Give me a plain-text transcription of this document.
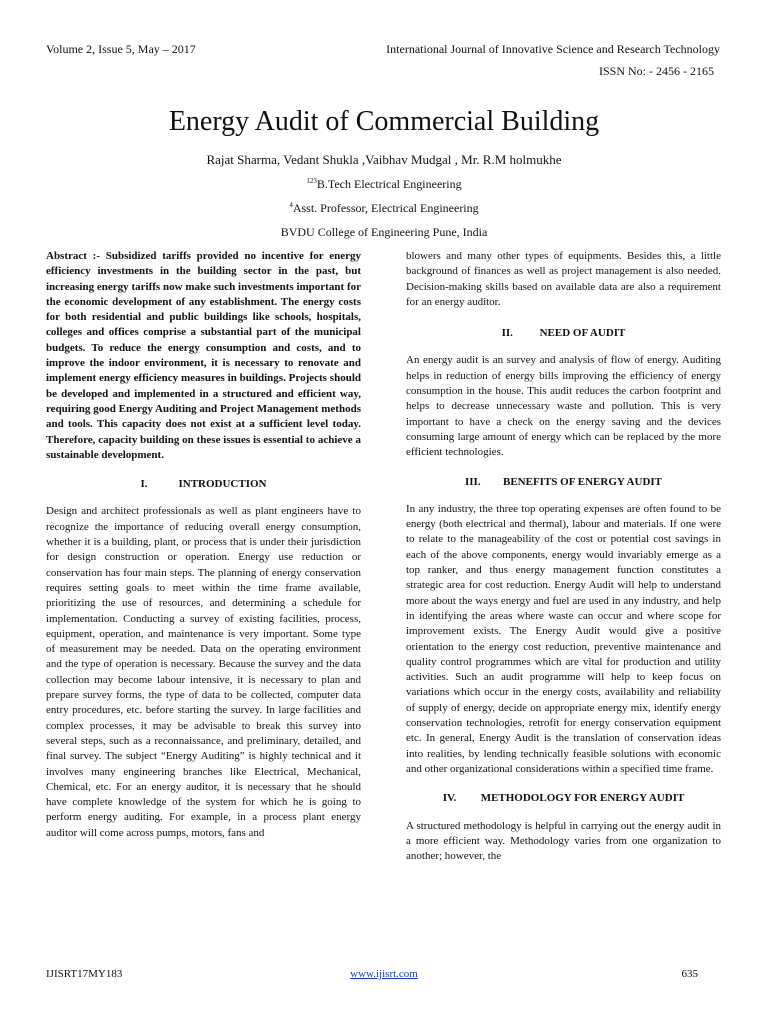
Volume 2, Issue 5, May – 2017	International Journal of Innovative Science and Research Technology
ISSN No: - 2456 - 2165
Energy Audit of Commercial Building
Rajat Sharma, Vedant Shukla ,Vaibhav Mudgal , Mr. R.M holmukhe
$^{123}$B.Tech Electrical Engineering
$^4$Asst. Professor, Electrical Engineering
BVDU College of Engineering Pune, India

Abstract :- Subsidized tariffs provided no incentive for energy efficiency investments in the building sector in the past, but increasing energy tariffs now make such investments important for the economic development of any establishment. The energy costs for both residential and public buildings like schools, hospitals, colleges and offices comprise a substantial part of the municipal budgets. To reduce the energy consumption and costs, and to improve the indoor environment, it is necessary to renovate and implement energy efficiency measures in buildings. Projects should be developed and implemented in a structured and efficient way, requiring good Energy Auditing and Project Management methods and tools. This capacity does not exist at a sufficient level today. Therefore, capacity building on these issues is essential to achieve a sustainable development.

I.	INTRODUCTION

Design and architect professionals as well as plant engineers have to recognize the importance of reducing overall energy consumption, whether it is a building, plant, or process that is under their jurisdiction for design construction or operation. Energy use reduction or conservation has four main steps. The planning of energy conservation requires setting goals to meet within the time frame available, prioritizing the use of resources, and determining a schedule for implementation. Conducting a survey of existing facilities, process, equipment, operation, and maintenance is very important. Some type of measurement may be needed. Data on the operating environment and the type of operation is necessary. Because the survey and the data collection may become labour intensive, it is necessary to plan and prepare survey forms, the type of data to be collected, computer data entry procedures, etc. before starting the survey. In large facilities and complex processes, it may be advisable to break this survey into several steps, such as a reconnaissance, and preliminary, detailed, and final survey. The subject “Energy Auditing” is highly technical and it involves many engineering branches like Electrical, Mechanical, Chemical, etc. For an energy auditor, it is necessary that he should have complete knowledge of the system for which he is going to perform energy auditing. For example, in a process plant energy auditor will come across pumps, motors, fans and

blowers and many other types of equipments. Besides this, a little background of finances as well as project management is also needed. Decision-making skills based on available data are also a requirement for an energy auditor.

II. NEED OF AUDIT

An energy audit is an survey and analysis of flow of energy. Auditing helps in reduction of energy bills improving the efficiency of energy consumption in the house. This audit reduces the carbon footprint and helps to decrease unnecessary waste and pollution. This is very important to have a check on the energy saving and the devices consuming large amount of energy which can be replaced by the more efficient technologies.

III. BENEFITS OF ENERGY AUDIT

In any industry, the three top operating expenses are often found to be energy (both electrical and thermal), labour and materials. If one were to relate to the manageability of the cost or potential cost savings in each of the above components, energy would invariably emerge as a top ranker, and thus energy management function constitutes a strategic area for cost reduction. Energy Audit will help to understand more about the ways energy and fuel are used in any industry, and help in identifying the areas where waste can occur and where scope for improvement exists. The Energy Audit would give a positive orientation to the energy cost reduction, preventive maintenance and quality control programmes which are vital for production and utility activities. Such an audit programme will help to keep focus on variations which occur in the energy costs, availability and reliability of supply of energy, decide on appropriate energy mix, identify energy conservation technologies, retrofit for energy conservation equipment etc. In general, Energy Audit is the translation of conservation ideas into realities, by lending technically feasible solutions with economic and other organizational considerations within a specified time frame.

IV. METHODOLOGY FOR ENERGY AUDIT

A structured methodology is helpful in carrying out the energy audit in a more efficient way. Methodology varies from one organization to another; however, the

IJISRT17MY183	www.ijisrt.com	635
